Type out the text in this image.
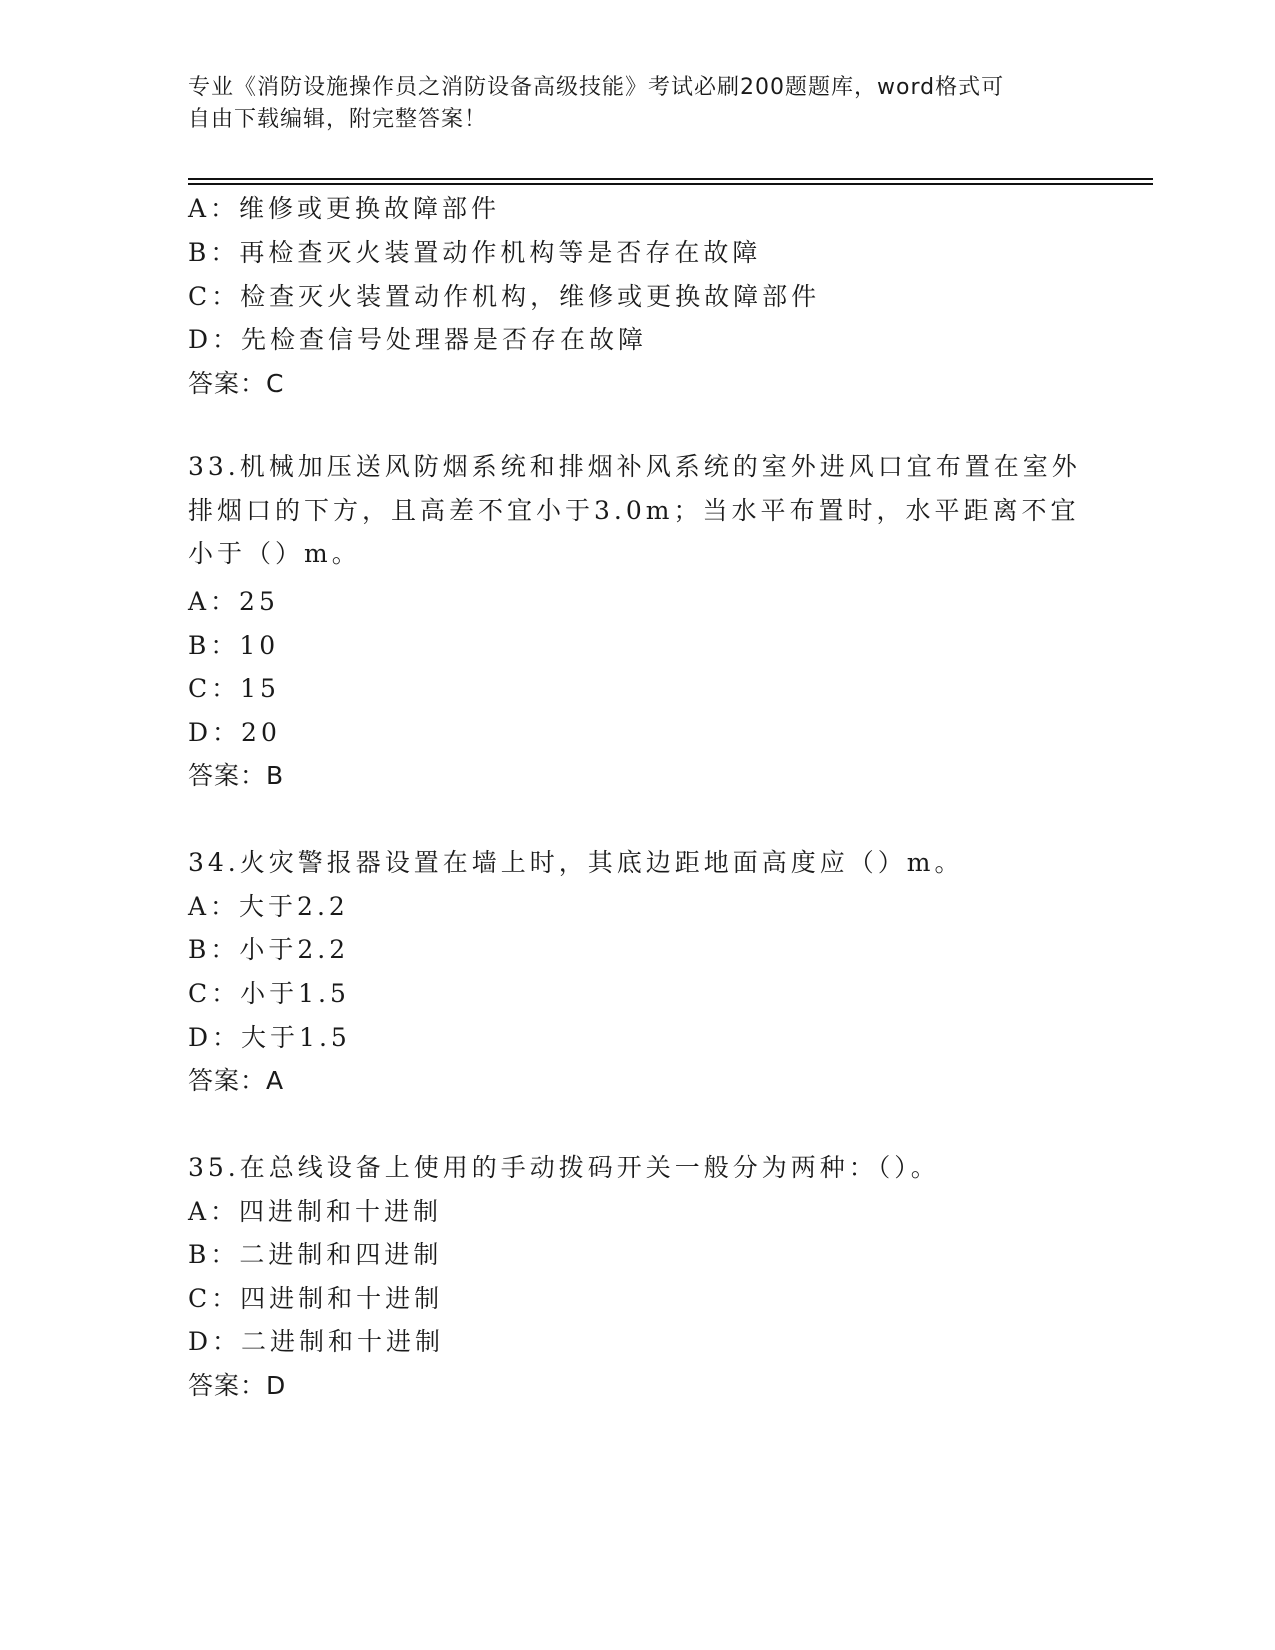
专业《消防设施操作员之消防设备高级技能》考试必刷200题题库，word格式可
自由下载编辑，附完整答案！
A：维修或更换故障部件
B：再检查灭火装置动作机构等是否存在故障
C：检查灭火装置动作机构，维修或更换故障部件
D：先检查信号处理器是否存在故障
答案：C
33.机械加压送风防烟系统和排烟补风系统的室外进风口宜布置在室外
排烟口的下方，且高差不宜小于3.0m；当水平布置时，水平距离不宜
小于（）m。
A：25
B：10
C：15
D：20
答案：B
34.火灾警报器设置在墙上时，其底边距地面高度应（）m。
A：大于2.2
B：小于2.2
C：小于1.5
D：大于1.5
答案：A
35.在总线设备上使用的手动拨码开关一般分为两种：（）。
A：四进制和十进制
B：二进制和四进制
C：四进制和十进制
D：二进制和十进制
答案：D
